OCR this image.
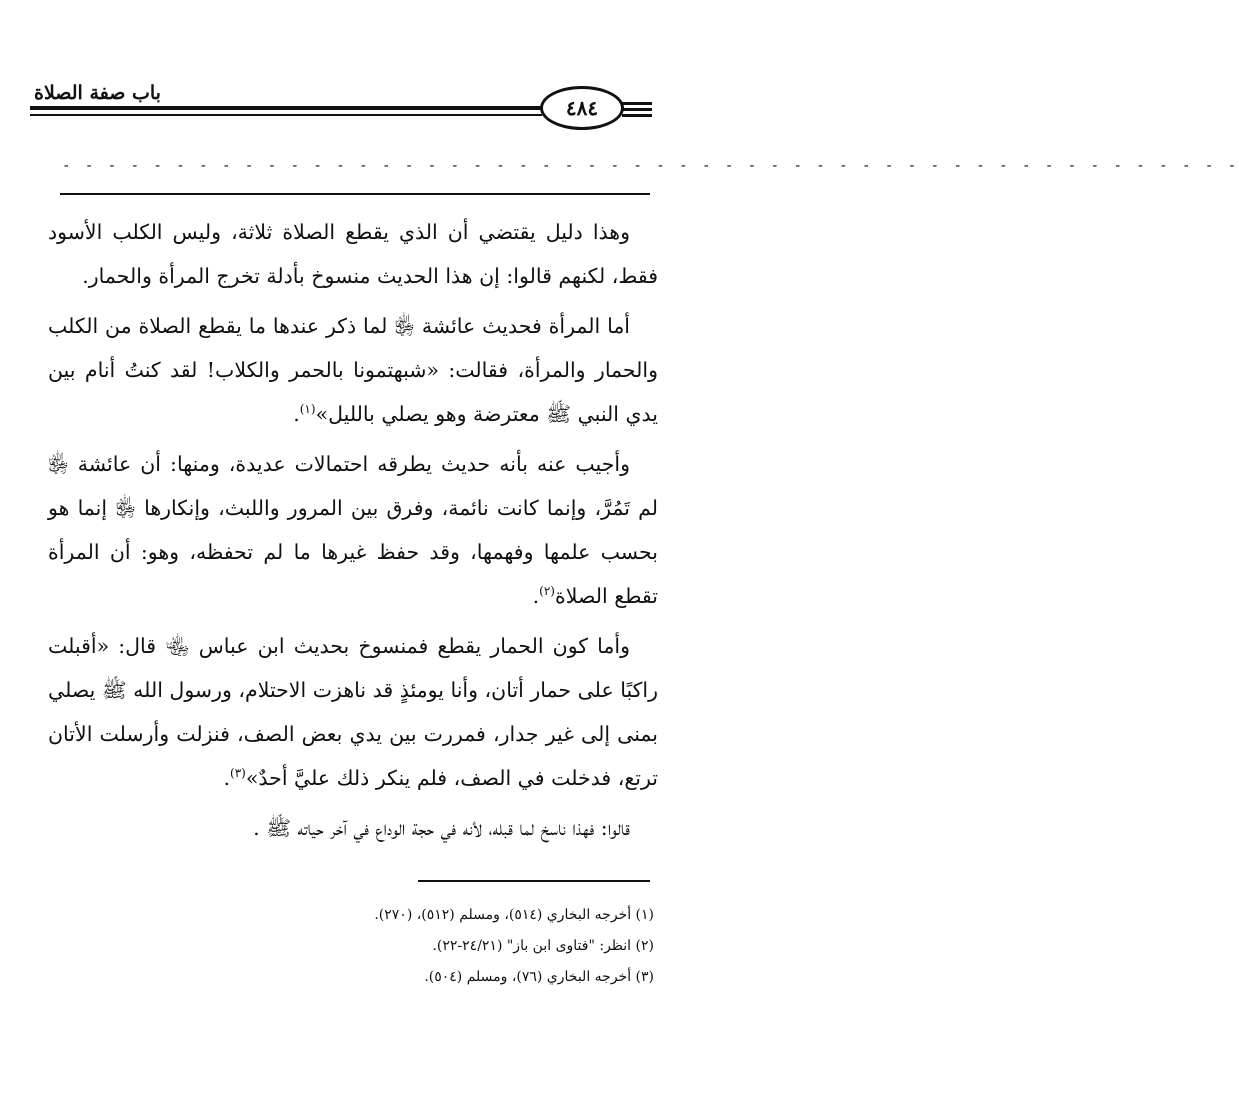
باب صفة الصلاة
٤٨٤
- - - - - - - - - - - - - - - - - - - - - - - - - - - - - - - - - - - - - - - - - - - - - - - - - - - -

وهذا دليل يقتضي أن الذي يقطع الصلاة ثلاثة، وليس الكلب الأسود فقط، لكنهم قالوا: إن هذا الحديث منسوخ بأدلة تخرج المرأة والحمار.

أما المرأة فحديث عائشة ﵂ لما ذكر عندها ما يقطع الصلاة من الكلب والحمار والمرأة، فقالت: «شبهتمونا بالحمر والكلاب! لقد كنتُ أنام بين يدي النبي ﷺ معترضة وهو يصلي بالليل»$^{(١)}$.

وأجيب عنه بأنه حديث يطرقه احتمالات عديدة، ومنها: أن عائشة ﵂ لم تَمُرَّ، وإنما كانت نائمة، وفرق بين المرور واللبث، وإنكارها ﵂ إنما هو بحسب علمها وفهمها، وقد حفظ غيرها ما لم تحفظه، وهو: أن المرأة تقطع الصلاة$^{(٢)}$.

وأما كون الحمار يقطع فمنسوخ بحديث ابن عباس ﵄ قال: «أقبلت راكبًا على حمار أتان، وأنا يومئذٍ قد ناهزت الاحتلام، ورسول الله ﷺ يصلي بمنى إلى غير جدار، فمررت بين يدي بعض الصف، فنزلت وأرسلت الأتان ترتع، فدخلت في الصف، فلم ينكر ذلك عليَّ أحدٌ»$^{(٣)}$.

قالوا: فهذا ناسخ لما قبله، لأنه في حجة الوداع في آخر حياته ﷺ .

(١) أخرجه البخاري (٥١٤)، ومسلم (٥١٢)، (٢٧٠).

(٢) انظر: "فتاوى ابن باز" (٢٤/٢١-٢٢).

(٣) أخرجه البخاري (٧٦)، ومسلم (٥٠٤).
